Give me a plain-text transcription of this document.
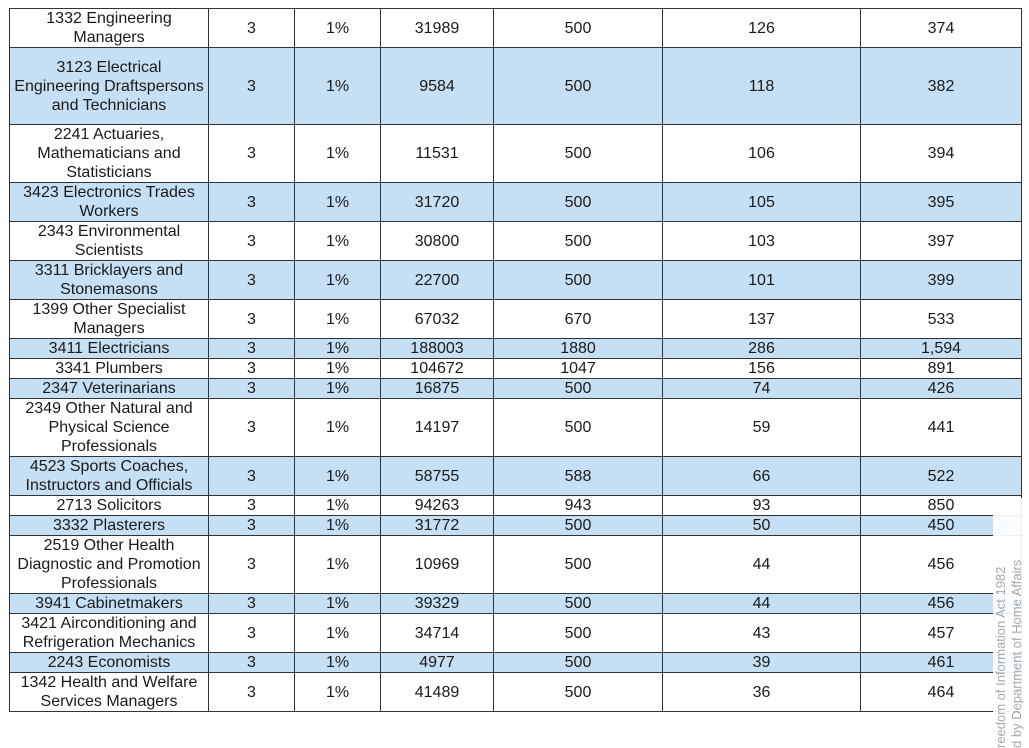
1332 Engineering Managers	3	1%	31989	500	126	374
3123 Electrical Engineering Draftspersons and Technicians	3	1%	9584	500	118	382
2241 Actuaries, Mathematicians and Statisticians	3	1%	11531	500	106	394
3423 Electronics Trades Workers	3	1%	31720	500	105	395
2343 Environmental Scientists	3	1%	30800	500	103	397
3311 Bricklayers and Stonemasons	3	1%	22700	500	101	399
1399 Other Specialist Managers	3	1%	67032	670	137	533
3411 Electricians	3	1%	188003	1880	286	1,594
3341 Plumbers	3	1%	104672	1047	156	891
2347 Veterinarians	3	1%	16875	500	74	426
2349 Other Natural and Physical Science Professionals	3	1%	14197	500	59	441
4523 Sports Coaches, Instructors and Officials	3	1%	58755	588	66	522
2713 Solicitors	3	1%	94263	943	93	850
3332 Plasterers	3	1%	31772	500	50	450
2519 Other Health Diagnostic and Promotion Professionals	3	1%	10969	500	44	456
3941 Cabinetmakers	3	1%	39329	500	44	456
3421 Airconditioning and Refrigeration Mechanics	3	1%	34714	500	43	457
2243 Economists	3	1%	4977	500	39	461
1342 Health and Welfare Services Managers	3	1%	41489	500	36	464	d by Department of Home Affairs
reedom of Information Act 1982
